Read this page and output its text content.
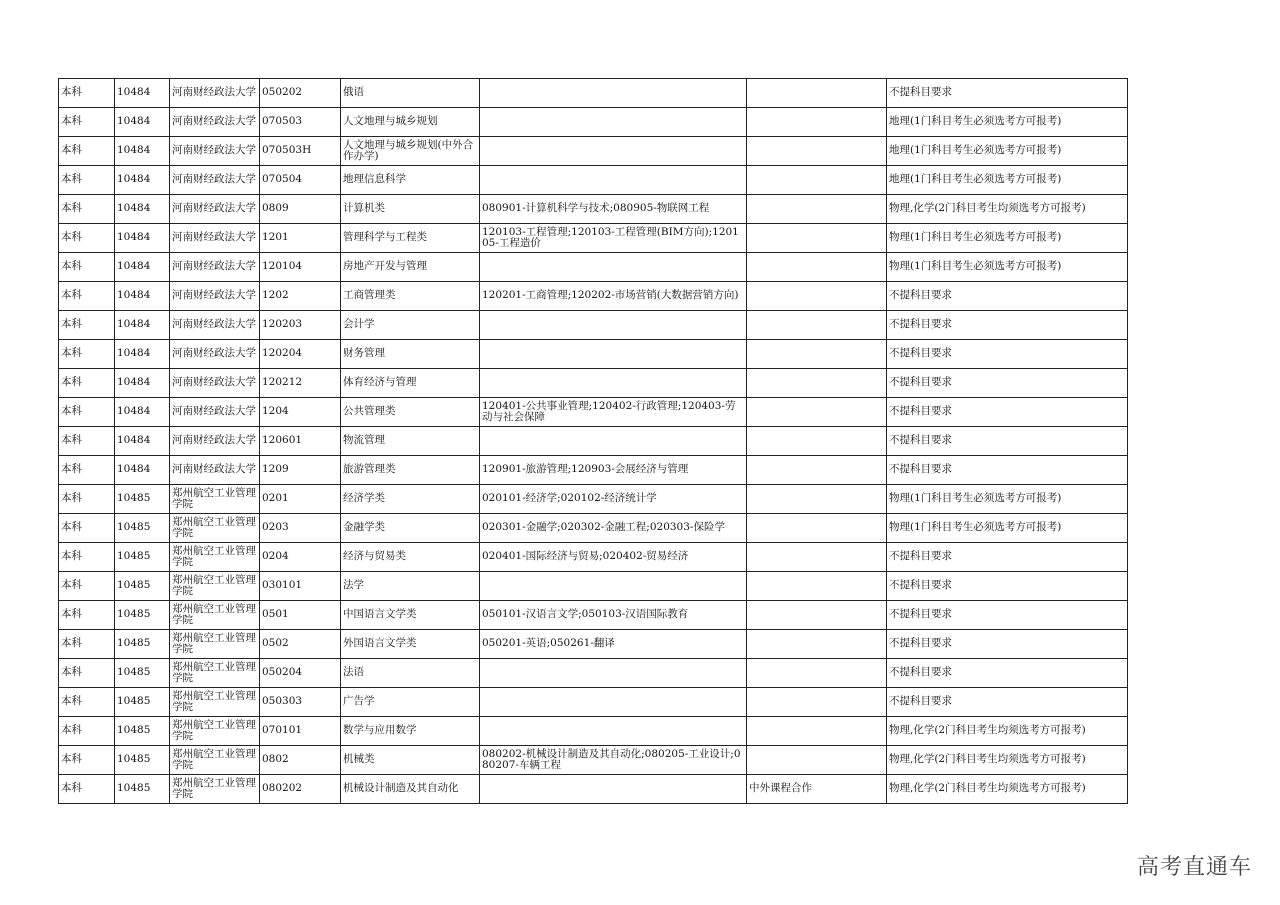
本科	10484	河南财经政法大学	050202	俄语			不提科目要求
本科	10484	河南财经政法大学	070503	人文地理与城乡规划			地理(1门科目考生必须选考方可报考)
本科	10484	河南财经政法大学	070503H	人文地理与城乡规划(中外合作办学)			地理(1门科目考生必须选考方可报考)
本科	10484	河南财经政法大学	070504	地理信息科学			地理(1门科目考生必须选考方可报考)
本科	10484	河南财经政法大学	0809	计算机类	080901-计算机科学与技术;080905-物联网工程		物理,化学(2门科目考生均须选考方可报考)
本科	10484	河南财经政法大学	1201	管理科学与工程类	120103-工程管理;120103-工程管理(BIM方向);120105-工程造价		物理(1门科目考生必须选考方可报考)
本科	10484	河南财经政法大学	120104	房地产开发与管理			物理(1门科目考生必须选考方可报考)
本科	10484	河南财经政法大学	1202	工商管理类	120201-工商管理;120202-市场营销(大数据营销方向)		不提科目要求
本科	10484	河南财经政法大学	120203	会计学			不提科目要求
本科	10484	河南财经政法大学	120204	财务管理			不提科目要求
本科	10484	河南财经政法大学	120212	体育经济与管理			不提科目要求
本科	10484	河南财经政法大学	1204	公共管理类	120401-公共事业管理;120402-行政管理;120403-劳动与社会保障		不提科目要求
本科	10484	河南财经政法大学	120601	物流管理			不提科目要求
本科	10484	河南财经政法大学	1209	旅游管理类	120901-旅游管理;120903-会展经济与管理		不提科目要求
本科	10485	郑州航空工业管理学院	0201	经济学类	020101-经济学;020102-经济统计学		物理(1门科目考生必须选考方可报考)
本科	10485	郑州航空工业管理学院	0203	金融学类	020301-金融学;020302-金融工程;020303-保险学		物理(1门科目考生必须选考方可报考)
本科	10485	郑州航空工业管理学院	0204	经济与贸易类	020401-国际经济与贸易;020402-贸易经济		不提科目要求
本科	10485	郑州航空工业管理学院	030101	法学			不提科目要求
本科	10485	郑州航空工业管理学院	0501	中国语言文学类	050101-汉语言文学;050103-汉语国际教育		不提科目要求
本科	10485	郑州航空工业管理学院	0502	外国语言文学类	050201-英语;050261-翻译		不提科目要求
本科	10485	郑州航空工业管理学院	050204	法语			不提科目要求
本科	10485	郑州航空工业管理学院	050303	广告学			不提科目要求
本科	10485	郑州航空工业管理学院	070101	数学与应用数学			物理,化学(2门科目考生均须选考方可报考)
本科	10485	郑州航空工业管理学院	0802	机械类	080202-机械设计制造及其自动化;080205-工业设计;080207-车辆工程		物理,化学(2门科目考生均须选考方可报考)
本科	10485	郑州航空工业管理学院	080202	机械设计制造及其自动化		中外课程合作	物理,化学(2门科目考生均须选考方可报考)
高考直通车
